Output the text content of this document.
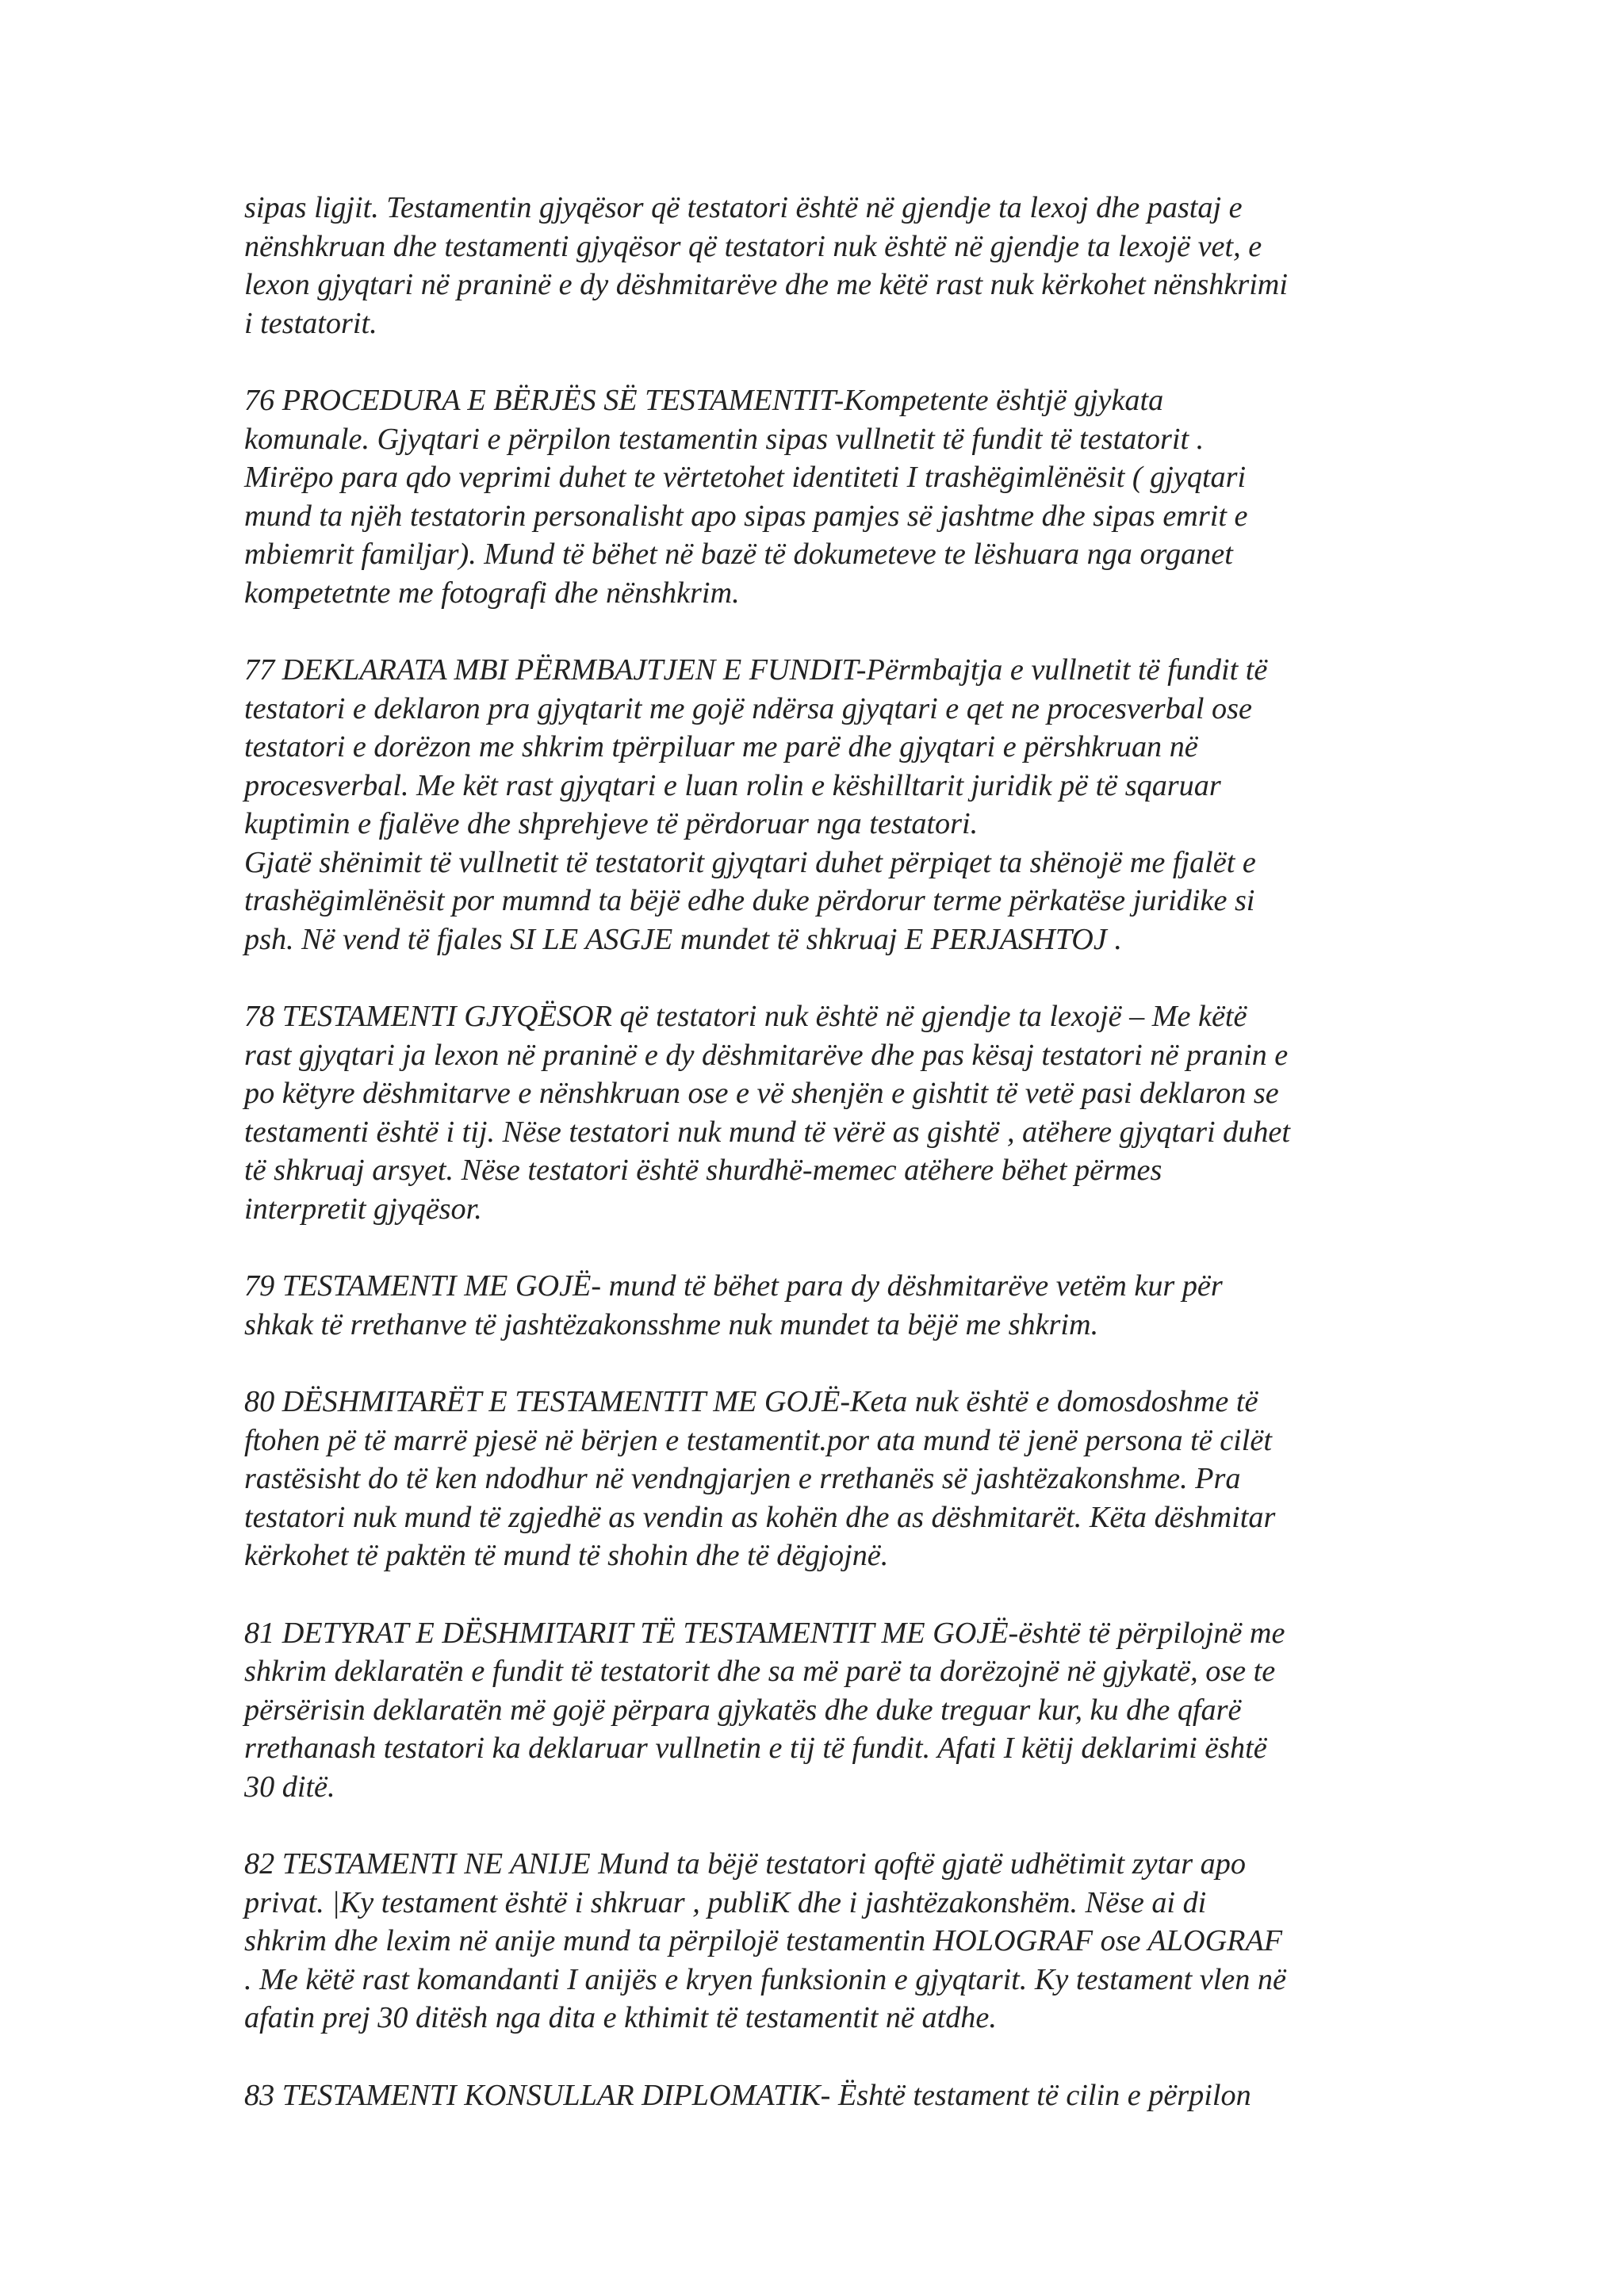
sipas ligjit. Testamentin gjyqësor që testatori është në gjendje ta lexoj dhe pastaj e
nënshkruan dhe testamenti gjyqësor që testatori nuk është në gjendje ta lexojë vet, e
lexon gjyqtari në praninë e dy dëshmitarëve dhe me këtë rast nuk kërkohet nënshkrimi
i testatorit.

76 PROCEDURA E BËRJËS SË TESTAMENTIT-Kompetente ështjë gjykata
komunale. Gjyqtari e përpilon testamentin sipas vullnetit të fundit të testatorit .
Mirëpo para qdo veprimi duhet te vërtetohet identiteti I trashëgimlënësit ( gjyqtari
mund ta njëh testatorin personalisht apo sipas pamjes së jashtme dhe sipas emrit e
mbiemrit familjar). Mund të bëhet në bazë të dokumeteve te lëshuara nga organet
kompetetnte me fotografi dhe nënshkrim.

77 DEKLARATA MBI PËRMBAJTJEN E FUNDIT-Përmbajtja e vullnetit të fundit të
testatori e deklaron pra gjyqtarit me gojë ndërsa gjyqtari e qet ne procesverbal ose
testatori e dorëzon me shkrim tpërpiluar me parë dhe gjyqtari e përshkruan në
procesverbal. Me kët rast gjyqtari e luan rolin e këshilltarit juridik pë të sqaruar
kuptimin e fjalëve dhe shprehjeve të përdoruar nga testatori.
Gjatë shënimit të vullnetit të testatorit gjyqtari duhet përpiqet ta shënojë me fjalët e
trashëgimlënësit por mumnd ta bëjë edhe duke përdorur terme përkatëse juridike si
psh. Në vend të fjales SI LE ASGJE mundet të shkruaj E PERJASHTOJ .

78 TESTAMENTI GJYQËSOR që testatori nuk është në gjendje ta lexojë – Me këtë
rast gjyqtari ja lexon në praninë e dy dëshmitarëve dhe pas kësaj testatori në pranin e
po këtyre dëshmitarve e nënshkruan ose e vë shenjën e gishtit të vetë pasi deklaron se
testamenti është i tij. Nëse testatori nuk mund të vërë as gishtë , atëhere gjyqtari duhet
të shkruaj arsyet. Nëse testatori është shurdhë-memec atëhere bëhet përmes
interpretit gjyqësor.

79 TESTAMENTI ME GOJË- mund të bëhet para dy dëshmitarëve vetëm kur për
shkak të rrethanve të jashtëzakonsshme nuk mundet ta bëjë me shkrim.

80 DËSHMITARËT E TESTAMENTIT ME GOJË-Keta nuk është e domosdoshme të
ftohen pë të marrë pjesë në bërjen e testamentit.por ata mund të jenë persona të cilët
rastësisht do të ken ndodhur në vendngjarjen e rrethanës së jashtëzakonshme. Pra
testatori nuk mund të zgjedhë as vendin as kohën dhe as dëshmitarët. Këta dëshmitar
kërkohet të paktën të mund të shohin dhe të dëgjojnë.

81 DETYRAT E DËSHMITARIT TË TESTAMENTIT ME GOJË-është të përpilojnë me
shkrim deklaratën e fundit të testatorit dhe sa më parë ta dorëzojnë në gjykatë, ose te
përsërisin deklaratën më gojë përpara gjykatës dhe duke treguar kur, ku dhe qfarë
rrethanash testatori ka deklaruar vullnetin e tij të fundit. Afati I këtij deklarimi është
30 ditë.

82 TESTAMENTI NE ANIJE Mund ta bëjë testatori qoftë gjatë udhëtimit zytar apo
privat. |Ky testament është i shkruar , publiK dhe i jashtëzakonshëm. Nëse ai di
shkrim dhe lexim në anije mund ta përpilojë testamentin HOLOGRAF ose ALOGRAF
. Me këtë rast komandanti I anijës e kryen funksionin e gjyqtarit. Ky testament vlen në
afatin prej 30 ditësh nga dita e kthimit të testamentit në atdhe.

83 TESTAMENTI KONSULLAR DIPLOMATIK- Është testament të cilin e përpilon
